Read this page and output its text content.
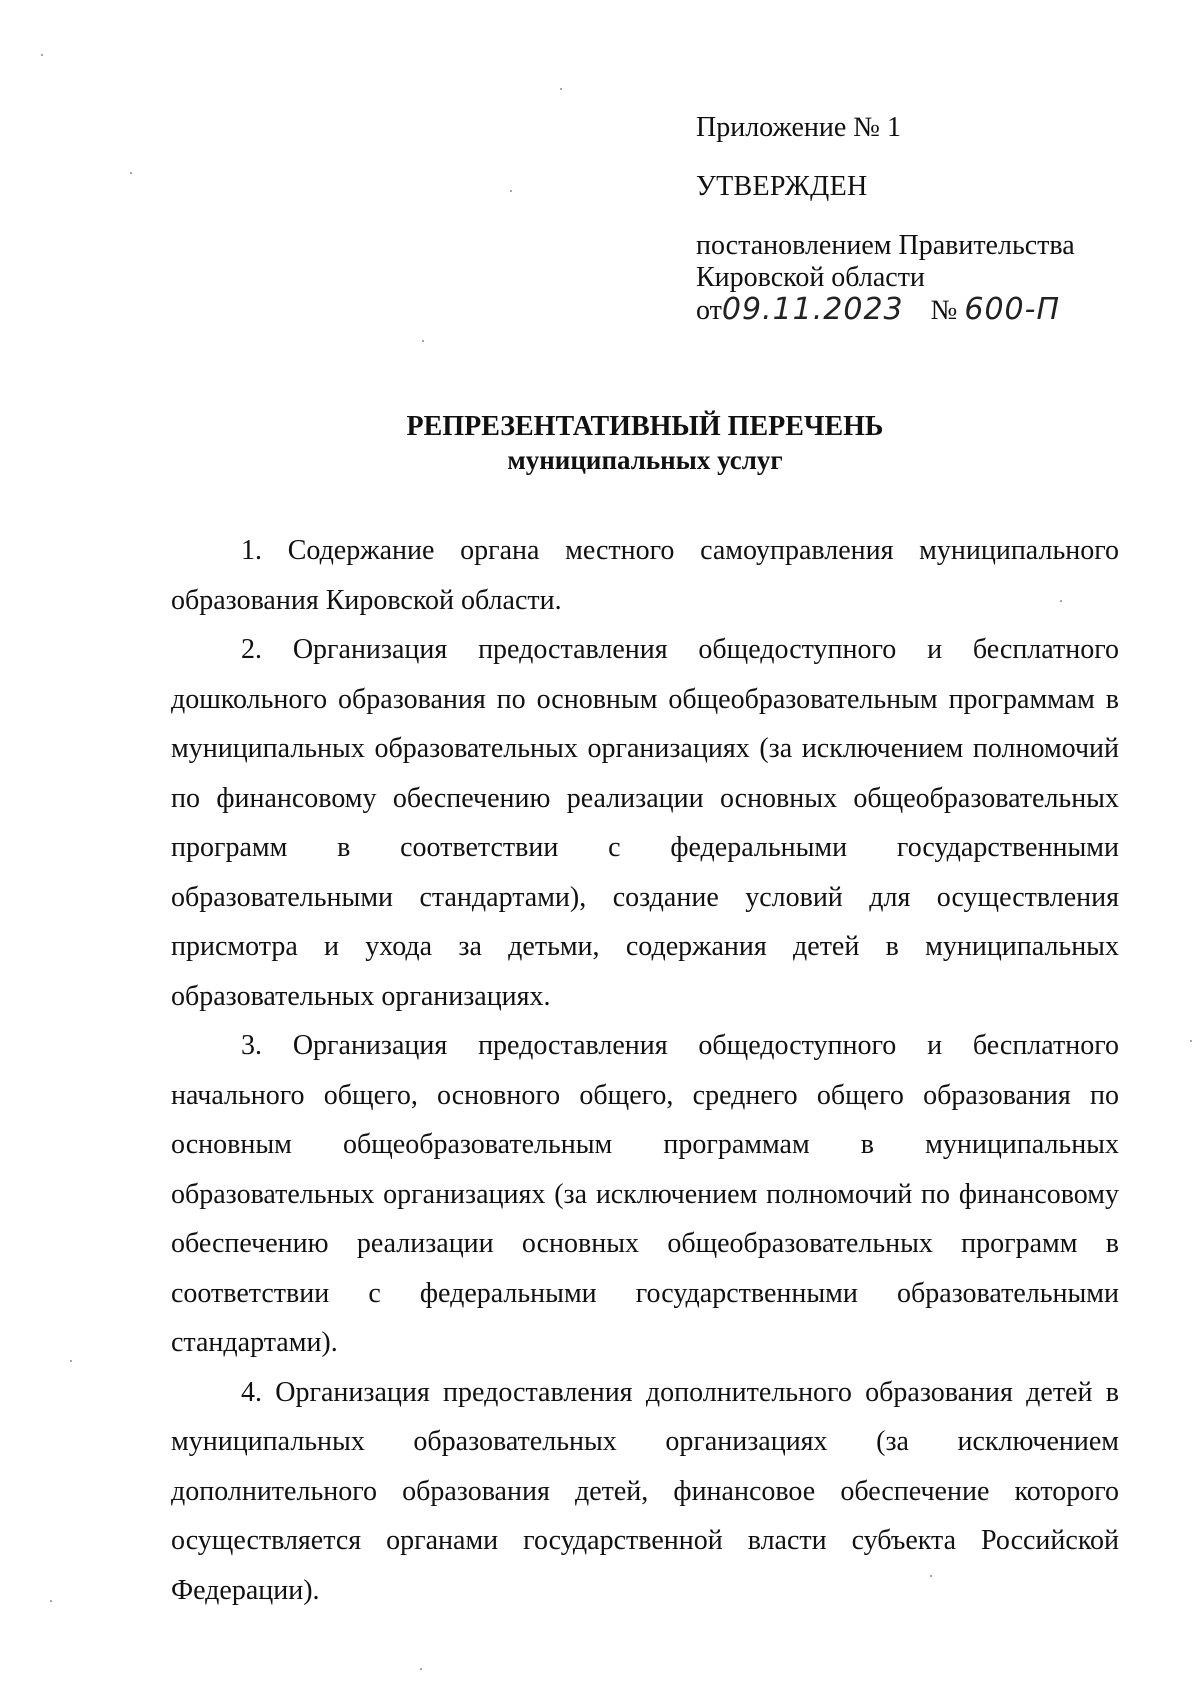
Приложение № 1
УТВЕРЖДЕН
постановлением Правительства
Кировской области
от09.11.2023 № 600-П
РЕПРЕЗЕНТАТИВНЫЙ ПЕРЕЧЕНЬ
муниципальных услуг

1. Содержание органа местного самоуправления муниципального образования Кировской области.

2. Организация предоставления общедоступного и бесплатного дошкольного образования по основным общеобразовательным программам в муниципальных образовательных организациях (за исключением полномочий по финансовому обеспечению реализации основных общеобразовательных программ в соответствии с федеральными государственными образовательными стандартами), создание условий для осуществления присмотра и ухода за детьми, содержания детей в муниципальных образовательных организациях.

3. Организация предоставления общедоступного и бесплатного начального общего, основного общего, среднего общего образования по основным общеобразовательным программам в муниципальных образовательных организациях (за исключением полномочий по финансовому обеспечению реализации основных общеобразовательных программ в соответствии с федеральными государственными образовательными стандартами).

4. Организация предоставления дополнительного образования детей в муниципальных образовательных организациях (за исключением дополнительного образования детей, финансовое обеспечение которого осуществляется органами государственной власти субъекта Российской Федерации).
